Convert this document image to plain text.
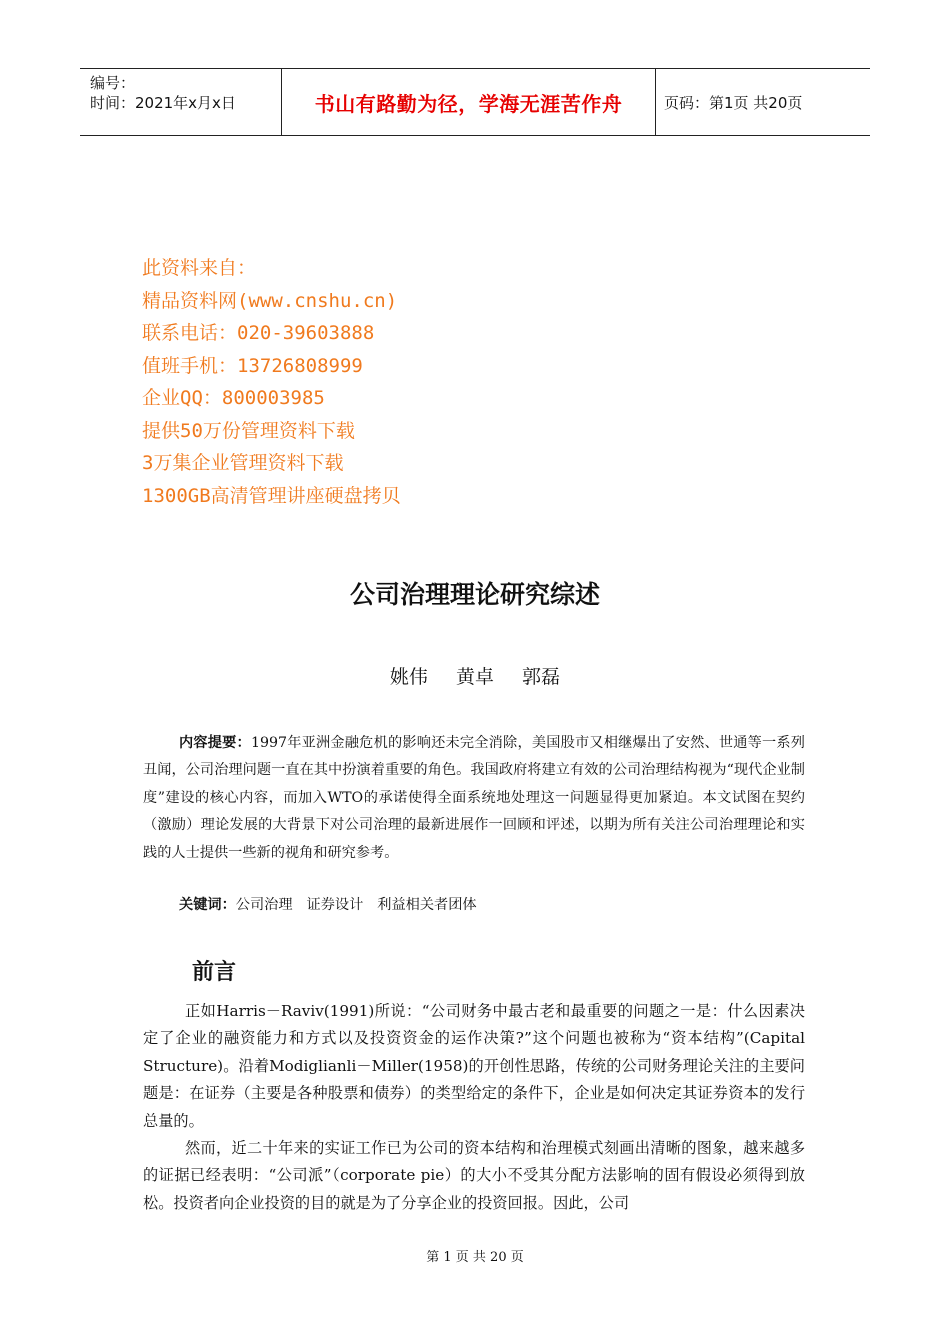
编号：
时间：2021年x月x日	书山有路勤为径，学海无涯苦作舟	页码：第1页 共20页
此资料来自：
精品资料网(www.cnshu.cn)
联系电话：020-39603888
值班手机：13726808999
企业QQ：800003985
提供50万份管理资料下载
3万集企业管理资料下载
1300GB高清管理讲座硬盘拷贝
公司治理理论研究综述
姚伟 黄卓 郭磊
内容提要：1997年亚洲金融危机的影响还未完全消除，美国股市又相继爆出了安然、世通等一系列丑闻，公司治理问题一直在其中扮演着重要的角色。我国政府将建立有效的公司治理结构视为“现代企业制度”建设的核心内容，而加入WTO的承诺使得全面系统地处理这一问题显得更加紧迫。本文试图在契约（激励）理论发展的大背景下对公司治理的最新进展作一回顾和评述，以期为所有关注公司治理理论和实践的人士提供一些新的视角和研究参考。
关键词：公司治理 证券设计 利益相关者团体
前言

正如Harris－Raviv(1991)所说：“公司财务中最古老和最重要的问题之一是：什么因素决定了企业的融资能力和方式以及投资资金的运作决策?”这个问题也被称为“资本结构”(Capital Structure)。沿着Modiglianli－Miller(1958)的开创性思路，传统的公司财务理论关注的主要问题是：在证券（主要是各种股票和债券）的类型给定的条件下，企业是如何决定其证券资本的发行总量的。

然而，近二十年来的实证工作已为公司的资本结构和治理模式刻画出清晰的图象，越来越多的证据已经表明：“公司派”（corporate pie）的大小不受其分配方法影响的固有假设必须得到放松。投资者向企业投资的目的就是为了分享企业的投资回报。因此，公司

第 1 页 共 20 页
